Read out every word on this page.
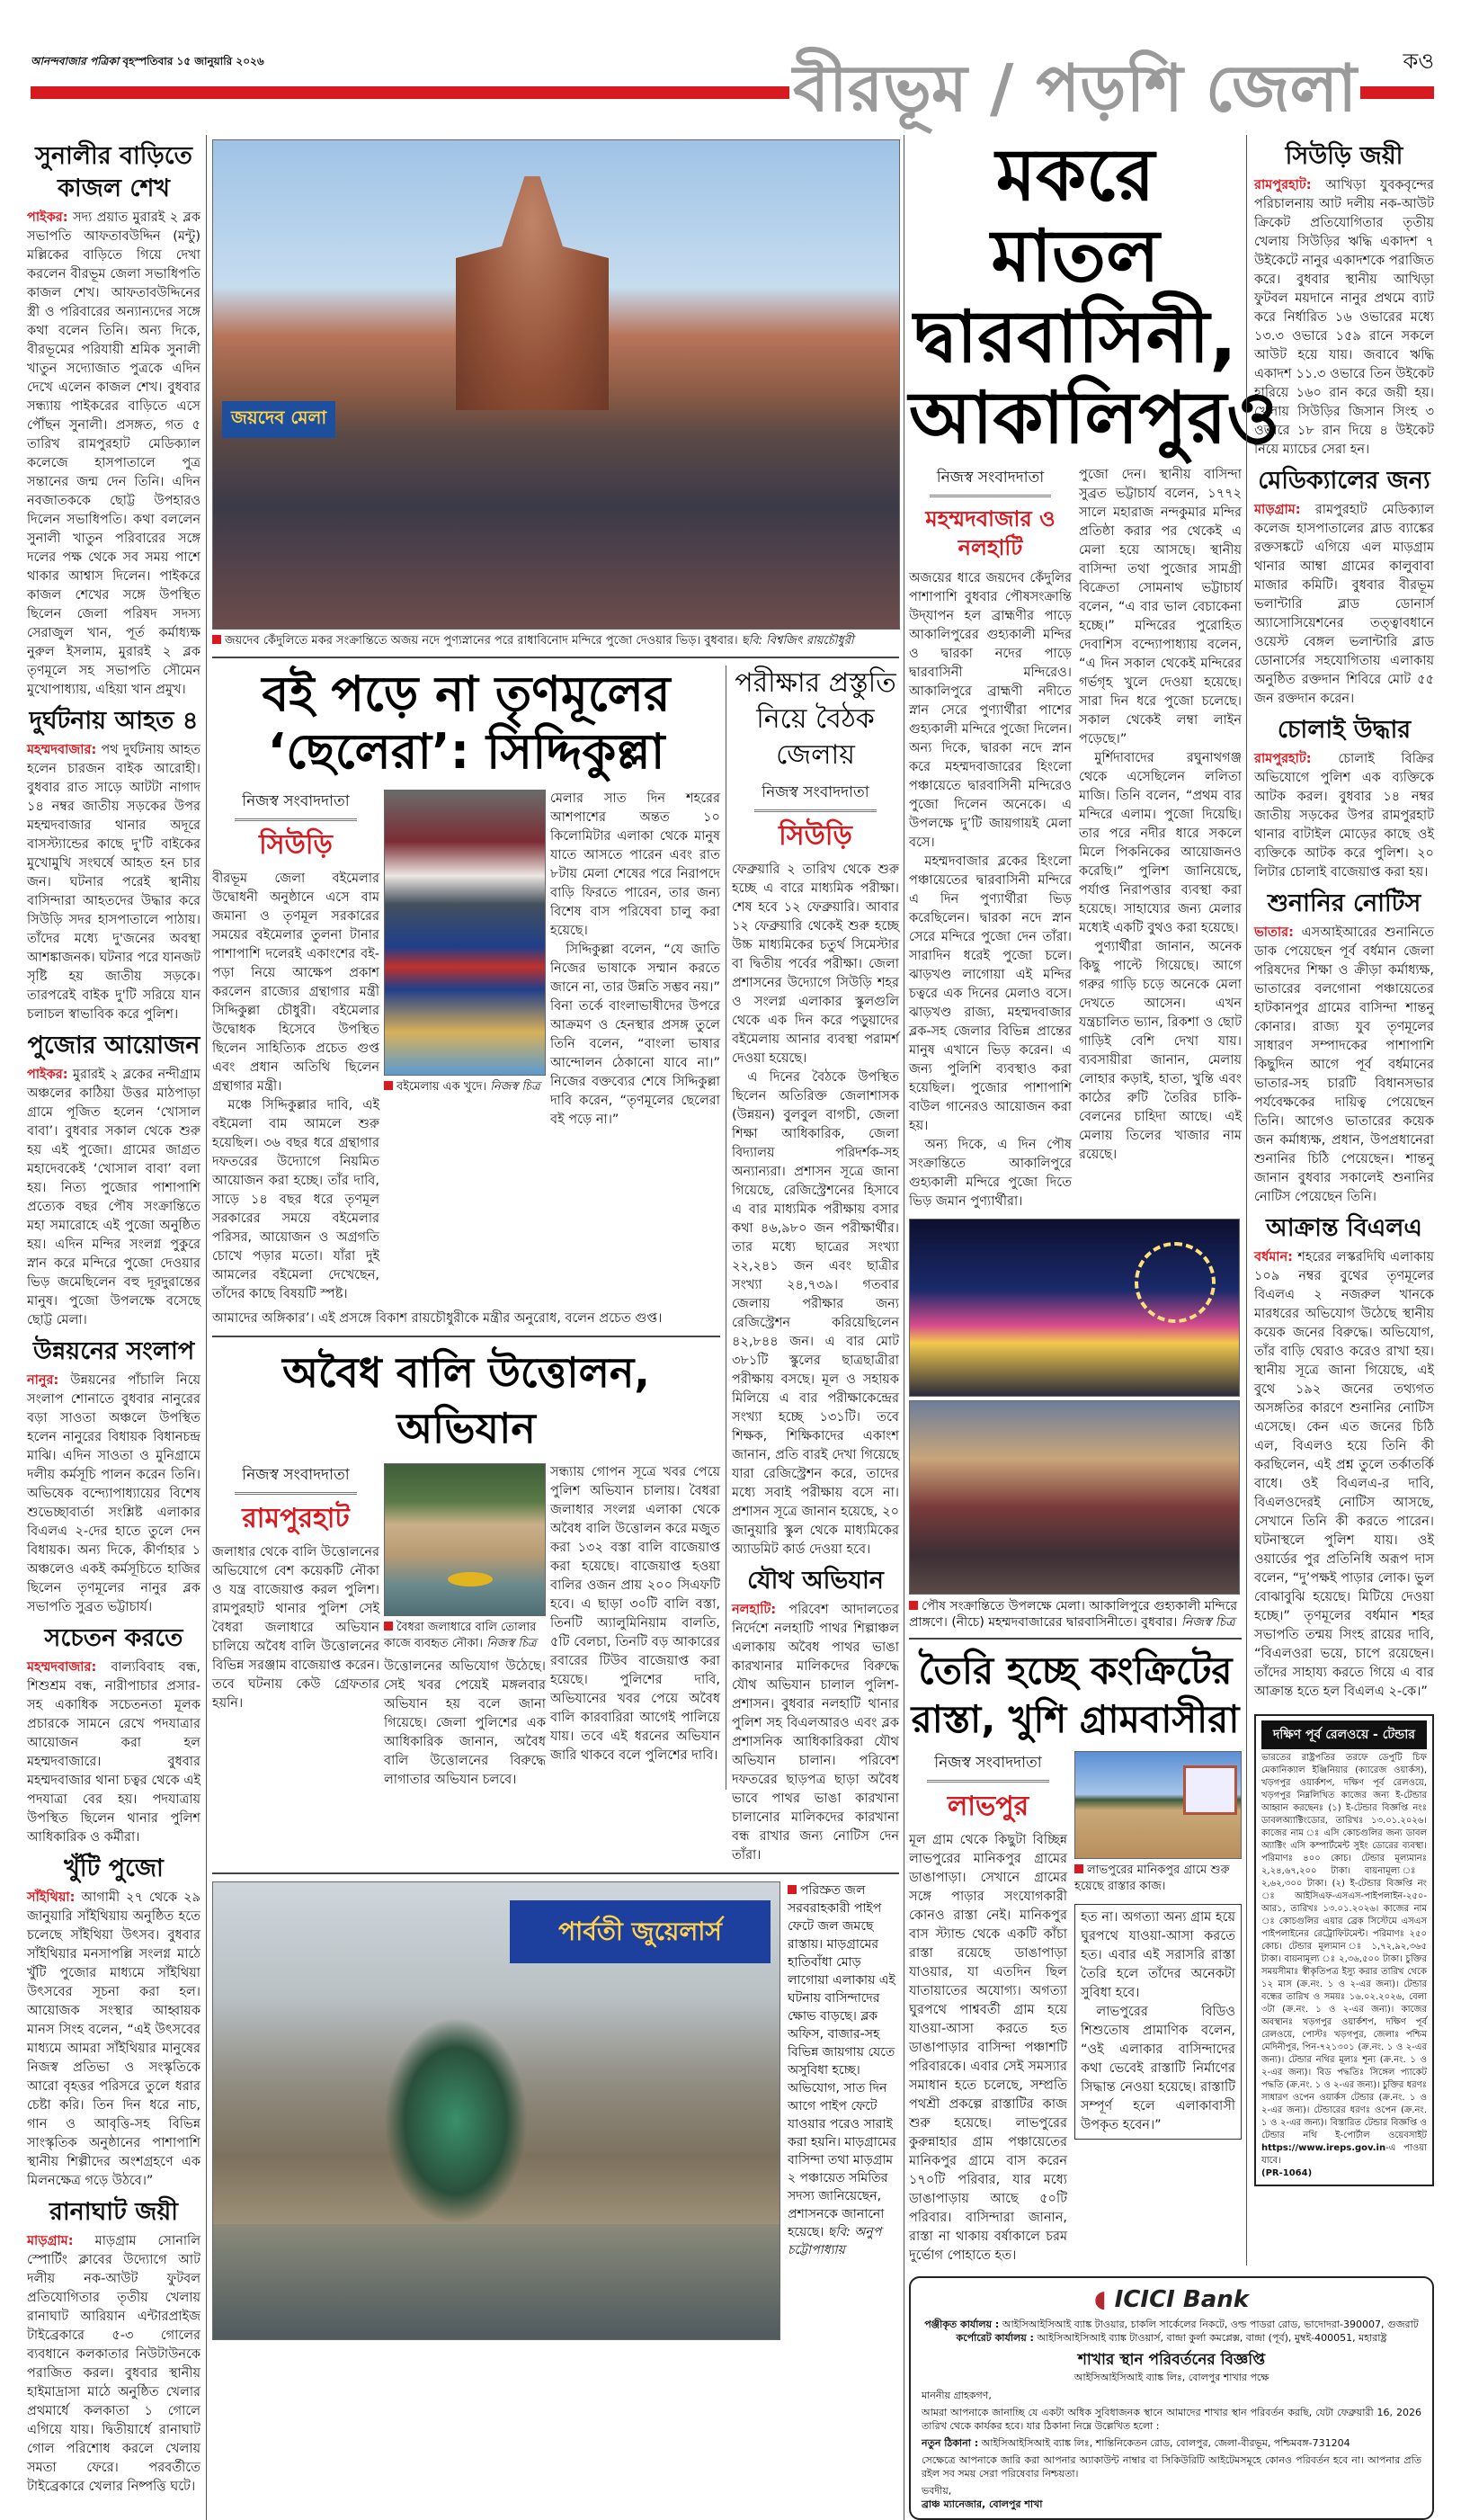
আনন্দবাজার পত্রিকা বৃহস্পতিবার ১৫ জানুয়ারি ২০২৬	বীরভূম / পড়শি জেলা	কও
সুনালীর বাড়িতে কাজল শেখ
পাইকর: সদ্য প্রয়াত মুরারই ২ ব্লক সভাপতি আফতাবউদ্দিন (মন্টু) মল্লিকের বাড়িতে গিয়ে দেখা করলেন বীরভূম জেলা সভাধিপতি কাজল শেখ। আফতাবউদ্দিনের স্ত্রী ও পরিবারের অন্যান্যদের সঙ্গে কথা বলেন তিনি। অন্য দিকে, বীরভূমের পরিযায়ী শ্রমিক সুনালী খাতুন সদ্যোজাত পুত্রকে এদিন দেখে এলেন কাজল শেখ। বুধবার সন্ধ্যায় পাইকরের বাড়িতে এসে পৌঁছন সুনালী। প্রসঙ্গত, গত ৫ তারিখ রামপুরহাট মেডিক্যাল কলেজে হাসপাতালে পুত্র সন্তানের জন্ম দেন তিনি। এদিন নবজাতককে ছোট্ট উপহারও দিলেন সভাধিপতি। কথা বললেন সুনালী খাতুন পরিবারের সঙ্গে দলের পক্ষ থেকে সব সময় পাশে থাকার আশ্বাস দিলেন। পাইকরে কাজল শেখের সঙ্গে উপস্থিত ছিলেন জেলা পরিষদ সদস্য সেরাজুল খান, পূর্ত কর্মাধ্যক্ষ নুরুল ইসলাম, মুরারই ২ ব্লক তৃণমূলে সহ সভাপতি সৌমেন মুখোপাধ্যায়, এহিয়া খান প্রমুখ।
দুর্ঘটনায় আহত ৪
মহম্মদবাজার: পথ দুর্ঘটনায় আহত হলেন চারজন বাইক আরোহী। বুধবার রাত সাড়ে আটটা নাগাদ ১৪ নম্বর জাতীয় সড়কের উপর মহম্মদবাজার থানার অদূরে বাসস্ট্যান্ডের কাছে দু'টি বাইকের মুখোমুখি সংঘর্ষে আহত হন চার জন। ঘটনার পরেই স্থানীয় বাসিন্দারা আহতদের উদ্ধার করে সিউড়ি সদর হাসপাতালে পাঠায়। তাঁদের মধ্যে দু'জনের অবস্থা আশঙ্কাজনক। ঘটনার পরে যানজট সৃষ্টি হয় জাতীয় সড়কে। তারপরেই বাইক দু'টি সরিয়ে যান চলাচল স্বাভাবিক করে পুলিশ।
পুজোর আয়োজন
পাইকর: মুরারই ২ ব্লকের নন্দীগ্রাম অঞ্চলের কাঠিয়া উত্তর মাঠপাড়া গ্রামে পূজিত হলেন ‘খোসাল বাবা’। বুধবার সকাল থেকে শুরু হয় এই পুজো। গ্রামের জাগ্রত মহাদেবকেই ‘খোসাল বাবা’ বলা হয়। নিত্য পুজোর পাশাপাশি প্রত্যেক বছর পৌষ সংক্রান্তিতে মহা সমারোহে এই পুজো অনুষ্ঠিত হয়। এদিন মন্দির সংলগ্ন পুকুরে স্নান করে মন্দিরে পুজো দেওয়ার ভিড় জমেছিলেন বহু দূরদুরান্তের মানুষ। পুজো উপলক্ষে বসেছে ছোট্ট মেলা।
উন্নয়নের সংলাপ
নানুর: উন্নয়নের পাঁচালি নিয়ে সংলাপ শোনাতে বুধবার নানুরের বড়া সাওতা অঞ্চলে উপস্থিত হলেন নানুরের বিধায়ক বিধানচন্দ্র মাঝি। এদিন সাওতা ও মুনিগ্রামে দলীয় কর্মসূচি পালন করেন তিনি। অভিষেক বন্দ্যোপাধ্যায়ের বিশেষ শুভেচ্ছাবার্তা সংশ্লিষ্ট এলাকার বিএলএ ২-দের হাতে তুলে দেন বিধায়ক। অন্য দিকে, কীর্ণাহার ১ অঞ্চলেও একই কর্মসূচিতে হাজির ছিলেন তৃণমূলের নানুর ব্লক সভাপতি সুব্রত ভট্টাচার্য।
সচেতন করতে
মহম্মদবাজার: বাল্যবিবাহ বন্ধ, শিশুশ্রম বন্ধ, নারীপাচার প্রসার-সহ একাধিক সচেতনতা মূলক প্রচারকে সামনে রেখে পদযাত্রার আয়োজন করা হল মহম্মদবাজারে। বুধবার মহম্মদবাজার থানা চত্বর থেকে এই পদযাত্রা বের হয়। পদযাত্রায় উপস্থিত ছিলেন থানার পুলিশ আধিকারিক ও কর্মীরা।
খুঁটি পুজো
সাঁইথিয়া: আগামী ২৭ থেকে ২৯ জানুয়ারি সাঁইথিয়ায় অনুষ্ঠিত হতে চলেছে সাঁইথিয়া উৎসব। বুধবার সাঁইথিয়ার মনসাপল্লি সংলগ্ন মাঠে খুঁটি পুজোর মাধ্যমে সাঁইথিয়া উৎসবের সূচনা করা হল। আয়োজক সংস্থার আহ্বায়ক মানস সিংহ বলেন, “এই উৎসবের মাধ্যমে আমরা সাঁইথিয়ার মানুষের নিজস্ব প্রতিভা ও সংস্কৃতিকে আরো বৃহত্তর পরিসরে তুলে ধরার চেষ্টা করি। তিন দিন ধরে নাচ, গান ও আবৃত্তি-সহ বিভিন্ন সাংস্কৃতিক অনুষ্ঠানের পাশাপাশি স্থানীয় শিল্পীদের অংশগ্রহণে এক মিলনক্ষেত্র গড়ে উঠবে।”
রানাঘাট জয়ী
মাড়গ্রাম: মাড়গ্রাম সোনালি স্পোর্টিং ক্লাবের উদ্যোগে আট দলীয় নক-আউট ফুটবল প্রতিযোগিতার তৃতীয় খেলায় রানাঘাট আরিয়ান এন্টারপ্রাইজ টাইব্রেকারে ৫-৩ গোলের ব্যবধানে কলকাতার নিউটাউনকে পরাজিত করল। বুধবার স্থানীয় হাইমাদ্রাসা মাঠে অনুষ্ঠিত খেলার প্রথমার্ধে কলকাতা ১ গোলে এগিয়ে যায়। দ্বিতীয়ার্ধে রানাঘাট গোল পরিশোধ করলে খেলায় সমতা ফেরে। পরবর্তীতে টাইব্রেকারে খেলার নিষ্পত্তি ঘটে।
জয়দেব মেলা
জয়দেব কেঁদুলিতে মকর সংক্রান্তিতে অজয় নদে পুণ্যস্নানের পরে রাধাবিনোদ মন্দিরে পুজো দেওয়ার ভিড়। বুধবার। ছবি: বিশ্বজিৎ রায়চৌধুরী
বই পড়ে না তৃণমূলের ‘ছেলেরা’: সিদ্দিকুল্লা
নিজস্ব সংবাদদাতা
সিউড়ি

বীরভূম জেলা বইমেলার উদ্বোধনী অনুষ্ঠানে এসে বাম জমানা ও তৃণমূল সরকারের সময়ের বইমেলার তুলনা টানার পাশাপাশি দলেরই একাংশের বই-পড়া নিয়ে আক্ষেপ প্রকাশ করলেন রাজ্যের গ্রন্থাগার মন্ত্রী সিদ্দিকুল্লা চৌধুরী। বইমেলার উদ্বোধক হিসেবে উপস্থিত ছিলেন সাহিত্যিক প্রচেত গুপ্ত এবং প্রধান অতিথি ছিলেন গ্রন্থাগার মন্ত্রী।

মঞ্চে সিদ্দিকুল্লার দাবি, এই বইমেলা বাম আমলে শুরু হয়েছিল। ৩৬ বছর ধরে গ্রন্থাগার দফতরের উদ্যোগে নিয়মিত আয়োজন করা হচ্ছে। তাঁর দাবি, সাড়ে ১৪ বছর ধরে তৃণমূল সরকারের সময়ে বইমেলার পরিসর, আয়োজন ও অগ্রগতি চোখে পড়ার মতো। যাঁরা দুই আমলের বইমেলা দেখেছেন, তাঁদের কাছে বিষয়টি স্পষ্ট।

বইমেলায় এক খুদে। নিজস্ব চিত্র

মেলার সাত দিন শহরের আশপাশের অন্তত ১০ কিলোমিটার এলাকা থেকে মানুষ যাতে আসতে পারেন এবং রাত ৮টায় মেলা শেষের পরে নিরাপদে বাড়ি ফিরতে পারেন, তার জন্য বিশেষ বাস পরিষেবা চালু করা হয়েছে।

সিদ্দিকুল্লা বলেন, “যে জাতি নিজের ভাষাকে সম্মান করতে জানে না, তার উন্নতি সম্ভব নয়।” বিনা তর্কে বাংলাভাষীদের উপরে আক্রমণ ও হেনস্থার প্রসঙ্গ তুলে তিনি বলেন, “বাংলা ভাষার আন্দোলন ঠেকানো যাবে না।” নিজের বক্তব্যের শেষে সিদ্দিকুল্লা দাবি করেন, “তৃণমূলের ছেলেরা বই পড়ে না।”

আমাদের অঙ্গিকার’। এই প্রসঙ্গে বিকাশ রায়চৌধুরীকে মন্ত্রীর অনুরোধ, বলেন প্রচেত গুপ্ত।
অবৈধ বালি উত্তোলন, অভিযান
নিজস্ব সংবাদদাতা
রামপুরহাট
জলাধার থেকে বালি উত্তোলনের অভিযোগে বেশ কয়েকটি নৌকা ও যন্ত্র বাজেয়াপ্ত করল পুলিশ। রামপুরহাট থানার পুলিশ সেই বৈধরা জলাধারে অভিযান চালিয়ে অবৈধ বালি উত্তোলনের বিভিন্ন সরঞ্জাম বাজেয়াপ্ত করেন। তবে ঘটনায় কেউ গ্রেফতার হয়নি।
বৈধরা জলাধারে বালি তোলার কাজে ব্যবহৃত নৌকা। নিজস্ব চিত্র
উত্তোলনের অভিযোগ উঠেছে। সেই খবর পেয়েই মঙ্গলবার অভিযান হয় বলে জানা গিয়েছে। জেলা পুলিশের এক আধিকারিক জানান, অবৈধ বালি উত্তোলনের বিরুদ্ধে লাগাতার অভিযান চলবে।
সন্ধ্যায় গোপন সূত্রে খবর পেয়ে পুলিশ অভিযান চালায়। বৈধরা জলাধার সংলগ্ন এলাকা থেকে অবৈধ বালি উত্তোলন করে মজুত করা ১৩২ বস্তা বালি বাজেয়াপ্ত করা হয়েছে। বাজেয়াপ্ত হওয়া বালির ওজন প্রায় ২০০ সিএফটি হবে। এ ছাড়া ৩০টি বালি বস্তা, তিনটি অ্যালুমিনিয়াম বালতি, ৫টি বেলচা, তিনটি বড় আকারের রবারের টিউব বাজেয়াপ্ত করা হয়েছে। পুলিশের দাবি, অভিযানের খবর পেয়ে অবৈধ বালি কারবারিরা আগেই পালিয়ে যায়। তবে এই ধরনের অভিযান জারি থাকবে বলে পুলিশের দাবি।
পরীক্ষার প্রস্তুতি নিয়ে বৈঠক জেলায়
নিজস্ব সংবাদদাতা
সিউড়ি

ফেব্রুয়ারি ২ তারিখ থেকে শুরু হচ্ছে এ বারে মাধ্যমিক পরীক্ষা। শেষ হবে ১২ ফেব্রুয়ারি। আবার ১২ ফেব্রুয়ারি থেকেই শুরু হচ্ছে উচ্চ মাধ্যমিকের চতুর্থ সিমেস্টার বা দ্বিতীয় পর্বের পরীক্ষা। জেলা প্রশাসনের উদ্যোগে সিউড়ি শহর ও সংলগ্ন এলাকার স্কুলগুলি থেকে এক দিন করে পড়ুয়াদের বইমেলায় আনার ব্যবস্থা পরামর্শ দেওয়া হয়েছে।

এ দিনের বৈঠকে উপস্থিত ছিলেন অতিরিক্ত জেলাশাসক (উন্নয়ন) বুলবুল বাগচী, জেলা শিক্ষা আধিকারিক, জেলা বিদ্যালয় পরিদর্শক-সহ অন্যান্যরা। প্রশাসন সূত্রে জানা গিয়েছে, রেজিস্ট্রেশনের হিসাবে এ বার মাধ্যমিক পরীক্ষায় বসার কথা ৪৬,৯৮০ জন পরীক্ষার্থীর। তার মধ্যে ছাত্রের সংখ্যা ২২,২৪১ জন এবং ছাত্রীর সংখ্যা ২৪,৭৩৯। গতবার জেলায় পরীক্ষার জন্য রেজিস্ট্রেশন করিয়েছিলেন ৪২,৮৪৪ জন। এ বার মোট ৩৮১টি স্কুলের ছাত্রছাত্রীরা পরীক্ষায় বসছে। মূল ও সহায়ক মিলিয়ে এ বার পরীক্ষাকেন্দ্রের সংখ্যা হচ্ছে ১৩১টি। তবে শিক্ষক, শিক্ষিকাদের একাংশ জানান, প্রতি বারই দেখা গিয়েছে যারা রেজিস্ট্রেশন করে, তাদের মধ্যে সবাই পরীক্ষায় বসে না। প্রশাসন সূত্রে জানান হয়েছে, ২০ জানুয়ারি স্কুল থেকে মাধ্যমিকের অ্যাডমিট কার্ড দেওয়া হবে।

যৌথ অভিযান
নলহাটি: পরিবেশ আদালতের নির্দেশে নলহাটি পাথর শিল্পাঞ্চল এলাকায় অবৈধ পাথর ভাঙা কারখানার মালিকদের বিরুদ্ধে যৌথ অভিযান চালাল পুলিশ-প্রশাসন। বুধবার নলহাটি থানার পুলিশ সহ বিএলআরও এবং ব্লক প্রশাসনিক আধিকারিকরা যৌথ অভিযান চালান। পরিবেশ দফতরের ছাড়পত্র ছাড়া অবৈধ ভাবে পাথর ভাঙা কারখানা চালানোর মালিকদের কারখানা বন্ধ রাখার জন্য নোটিস দেন তাঁরা।
পার্বতী জুয়েলার্স
পরিস্রুত জল সরবরাহকারী পাইপ ফেটে জল জমছে রাস্তায়। মাড়গ্রামের হাতিবাঁধা মোড় লাগোয়া এলাকায় এই ঘটনায় বাসিন্দাদের ক্ষোভ বাড়ছে। ব্লক অফিস, বাজার-সহ বিভিন্ন জায়গায় যেতে অসুবিধা হচ্ছে। অভিযোগ, সাত দিন আগে পাইপ ফেটে যাওয়ার পরেও সারাই করা হয়নি। মাড়গ্রামের বাসিন্দা তথা মাড়গ্রাম ২ পঞ্চায়েত সমিতির সদস্য জানিয়েছেন, প্রশাসনকে জানানো হয়েছে। ছবি: অনুপ চট্টোপাধ্যায়
মকরে মাতল দ্বারবাসিনী, আকালিপুরও
নিজস্ব সংবাদদাতা
মহম্মদবাজার ও নলহাটি

অজয়ের ধারে জয়দেব কেঁদুলির পাশাপাশি বুধবার পৌষসংক্রান্তি উদ্‌যাপন হল ব্রাহ্মণীর পাড়ে আকালিপুরের গুহ্যকালী মন্দির ও দ্বারকা নদের পাড়ে দ্বারবাসিনী মন্দিরেও। আকালিপুরে ব্রাহ্মণী নদীতে স্নান সেরে পুণ্যার্থীরা পাশের গুহ্যকালী মন্দিরে পুজো দিলেন। অন্য দিকে, দ্বারকা নদে স্নান করে মহম্মদবাজারের হিংলো পঞ্চায়েতে দ্বারবাসিনী মন্দিরেও পুজো দিলেন অনেকে। এ উপলক্ষে দু’টি জায়গায়ই মেলা বসে।

মহম্মদবাজার ব্লকের হিংলো পঞ্চায়েতের দ্বারবাসিনী মন্দিরে এ দিন পুণ্যার্থীরা ভিড় করেছিলেন। দ্বারকা নদে স্নান সেরে মন্দিরে পুজো দেন তাঁরা। সারাদিন ধরেই পুজো চলে। ঝাড়খণ্ড লাগোয়া এই মন্দির চত্বরে এক দিনের মেলাও বসে। ঝাড়খণ্ড রাজ্য, মহম্মদবাজার ব্লক-সহ জেলার বিভিন্ন প্রান্তের মানুষ এখানে ভিড় করেন। এ জন্য পুলিশি ব্যবস্থাও করা হয়েছিল। পুজোর পাশাপাশি বাউল গানেরও আয়োজন করা হয়।

অন্য দিকে, এ দিন পৌষ সংক্রান্তিতে আকালিপুরে গুহ্যকালী মন্দিরে পুজো দিতে ভিড় জমান পুণ্যার্থীরা।

পুজো দেন। স্থানীয় বাসিন্দা সুব্রত ভট্টাচার্য বলেন, ১৭৭২ সালে মহারাজ নন্দকুমার মন্দির প্রতিষ্ঠা করার পর থেকেই এ মেলা হয়ে আসছে। স্থানীয় বাসিন্দা তথা পুজোর সামগ্রী বিক্রেতা সোমনাথ ভট্টাচার্য বলেন, “এ বার ভাল বেচাকেনা হচ্ছে।” মন্দিরের পুরোহিত দেবাশিস বন্দ্যোপাধ্যায় বলেন, “এ দিন সকাল থেকেই মন্দিরের গর্ভগৃহ খুলে দেওয়া হয়েছে। সারা দিন ধরে পুজো চলেছে। সকাল থেকেই লম্বা লাইন পড়েছে।”

মুর্শিদাবাদের রঘুনাথগঞ্জ থেকে এসেছিলেন ললিতা মাজি। তিনি বলেন, “প্রথম বার মন্দিরে এলাম। পুজো দিয়েছি। তার পরে নদীর ধারে সকলে মিলে পিকনিকের আয়োজনও করেছি।” পুলিশ জানিয়েছে, পর্যাপ্ত নিরাপত্তার ব্যবস্থা করা হয়েছে। সাহায্যের জন্য মেলার মধ্যেই একটি বুথও করা হয়েছে।

পুণ্যার্থীরা জানান, অনেক কিছু পাল্টে গিয়েছে। আগে গরুর গাড়ি চড়ে অনেকে মেলা দেখতে আসেন। এখন যন্ত্রচালিত ভ্যান, রিকশা ও ছোট গাড়িই বেশি দেখা যায়। ব্যবসায়ীরা জানান, মেলায় লোহার কড়াই, হাতা, খুন্তি এবং কাঠের রুটি তৈরির চাকি-বেলনের চাহিদা আছে। এই মেলায় তিলের খাজার নাম রয়েছে।

পৌষ সংক্রান্তিতে উপলক্ষে মেলা। আকালিপুরে গুহ্যকালী মন্দিরে প্রাঙ্গণে। (নীচে) মহম্মদবাজারের দ্বারবাসিনীতে। বুধবার। নিজস্ব চিত্র
তৈরি হচ্ছে কংক্রিটের রাস্তা, খুশি গ্রামবাসীরা
নিজস্ব সংবাদদাতা
লাভপুর
মূল গ্রাম থেকে কিছুটা বিচ্ছিন্ন লাভপুরের মানিকপুর গ্রামের ডাঙাপাড়া। সেখানে গ্রামের সঙ্গে পাড়ার সংযোগকারী কোনও রাস্তা নেই। মানিকপুর বাস স্ট্যান্ড থেকে একটি কাঁচা রাস্তা রয়েছে ডাঙাপাড়া যাওয়ার, যা এতদিন ছিল যাতায়াতের অযোগ্য। অগত্যা ঘুরপথে পাশ্ববর্তী গ্রাম হয়ে যাওয়া-আসা করতে হত ডাঙাপাড়ার বাসিন্দা পঞ্চাশটি পরিবারকে। এবার সেই সমস্যার সমাধান হতে চলেছে, সম্প্রতি পথশ্রী প্রকল্পে রাস্তাটির কাজ শুরু হয়েছে। লাভপুরের কুরুন্নাহার গ্রাম পঞ্চায়েতের মানিকপুর গ্রামে বাস করেন ১৭০টি পরিবার, যার মধ্যে ডাঙাপাড়ায় আছে ৫০টি পরিবার। বাসিন্দারা জানান, রাস্তা না থাকায় বর্ষাকালে চরম দুর্ভোগ পোহাতে হত।
লাভপুরের মানিকপুর গ্রামে শুরু হয়েছে রাস্তার কাজ।
হত না। অগত্যা অন্য গ্রাম হয়ে ঘুরপথে যাওয়া-আসা করতে হত। এবার এই সরাসরি রাস্তা তৈরি হলে তাঁদের অনেকটা সুবিধা হবে।
লাভপুরের বিডিও শিশুতোষ প্রামাণিক বলেন, “ওই এলাকার বাসিন্দাদের কথা ভেবেই রাস্তাটি নির্মাণের সিদ্ধান্ত নেওয়া হয়েছে। রাস্তাটি সম্পূর্ণ হলে এলাকাবাসী উপকৃত হবেন।”
সিউড়ি জয়ী
রামপুরহাট: আখিড়া যুবকবৃন্দের পরিচালনায় আট দলীয় নক-আউট ক্রিকেট প্রতিযোগিতার তৃতীয় খেলায় সিউড়ির ঋদ্ধি একাদশ ৭ উইকেটে নানুর একাদশকে পরাজিত করে। বুধবার স্থানীয় আখিড়া ফুটবল ময়দানে নানুর প্রথমে ব্যাট করে নির্ধারিত ১৬ ওভারের মধ্যে ১৩.৩ ওভারে ১৫৯ রানে সকলে আউট হয়ে যায়। জবাবে ঋদ্ধি একাদশ ১১.৩ ওভারে তিন উইকেট হারিয়ে ১৬০ রান করে জয়ী হয়। খেলায় সিউড়ির জিসান সিংহ ৩ ওভারে ১৮ রান দিয়ে ৪ উইকেট নিয়ে ম্যাচের সেরা হন।
মেডিক্যালের জন্য
মাড়গ্রাম: রামপুরহাট মেডিক্যাল কলেজ হাসপাতালের ব্লাড ব্যাঙ্কের রক্তসঙ্কটে এগিয়ে এল মাড়গ্রাম থানার আম্বা গ্রামের কালুবাবা মাজার কমিটি। বুধবার বীরভূম ভলান্টারি ব্লাড ডোনার্স অ্যাসোসিয়েশনের তত্ত্বাবধানে ওয়েস্ট বেঙ্গল ভলান্টারি ব্লাড ডোনার্সের সহযোগিতায় এলাকায় অনুষ্ঠিত রক্তদান শিবিরে মোট ৫৫ জন রক্তদান করেন।
চোলাই উদ্ধার
রামপুরহাট: চোলাই বিক্রির অভিযোগে পুলিশ এক ব্যক্তিকে আটক করল। বুধবার ১৪ নম্বর জাতীয় সড়কের উপর রামপুরহাট থানার বাটাইল মোড়ের কাছে ওই ব্যক্তিকে আটক করে পুলিশ। ২০ লিটার চোলাই বাজেয়াপ্ত করা হয়।
শুনানির নোটিস
ভাতার: এসআইআরের শুনানিতে ডাক পেয়েছেন পূর্ব বর্ধমান জেলা পরিষদের শিক্ষা ও ক্রীড়া কর্মাধ্যক্ষ, ভাতারের বলগোনা পঞ্চায়েতের হাটকানপুর গ্রামের বাসিন্দা শান্তনু কোনার। রাজ্য যুব তৃণমূলের সাধারণ সম্পাদকের পাশাপাশি কিছুদিন আগে পূর্ব বর্ধমানের ভাতার-সহ চারটি বিধানসভার পর্যবেক্ষকের দায়িত্ব পেয়েছেন তিনি। আগেও ভাতারের কয়েক জন কর্মাধ্যক্ষ, প্রধান, উপপ্রধানেরা শুনানির চিঠি পেয়েছেন। শান্তনু জানান বুধবার সকালেই শুনানির নোটিস পেয়েছেন তিনি।
আক্রান্ত বিএলএ
বর্ধমান: শহরের লস্করদিঘি এলাকায় ১০৯ নম্বর বুথের তৃণমূলের বিএলএ ২ নজরুল খানকে মারধরের অভিযোগ উঠেছে স্থানীয় কয়েক জনের বিরুদ্ধে। অভিযোগ, তাঁর বাড়ি ঘেরাও করেও রাখা হয়। স্থানীয় সূত্রে জানা গিয়েছে, এই বুথে ১৯২ জনের তথ্যগত অসঙ্গতির কারণে শুনানির নোটিস এসেছে। কেন এত জনের চিঠি এল, বিএলও হয়ে তিনি কী করছিলেন, এই প্রশ্ন তুলে তর্কাতর্কি বাধে। ওই বিএলএ-র দাবি, বিএলওদেরই নোটিস আসছে, সেখানে তিনি কী করতে পারেন। ঘটনাস্থলে পুলিশ যায়। ওই ওয়ার্ডের পুর প্রতিনিধি অরূপ দাস বলেন, “দু’পক্ষই পাড়ার লোক। ভুল বোঝাবুঝি হয়েছে। মিটিয়ে দেওয়া হচ্ছে।” তৃণমূলের বর্ধমান শহর সভাপতি তন্ময় সিংহ রায়ের দাবি, “বিএলওরা ভয়ে, চাপে রয়েছেন। তাঁদের সাহায্য করতে গিয়ে এ বার আক্রান্ত হতে হল বিএলএ ২-কে।”
দক্ষিণ পূর্ব রেলওয়ে - টেন্ডার
ভারতের রাষ্ট্রপতির তরফে ডেপুটি চিফ মেকানিক্যাল ইঞ্জিনিয়ার (ক্যারেজ ওয়ার্কস), খড়গপুর ওয়ার্কশপ, দক্ষিণ পূর্ব রেলওয়ে, খড়গপুর নিম্নলিখিত কাজের জন্য ই-টেন্ডার আহ্বান করছেনঃ (১) ই-টেন্ডার বিজ্ঞপ্তি নংঃ ডাবলঅ্যাক্টিংডোর, তারিখঃ ১৩.০১.২০২৬। কাজের নাম ঃ এসি কোচগুলির জন্য ডাবল অ্যাক্টিং এসি কম্পার্টমেন্ট সুইং ডোরের ব্যবস্থা। পরিমাণঃ ৪০০ কোচ। টেন্ডার মূল্যমানঃ ২,২৪,৬৭,২০০ টাকা। বায়নামূল্য ঃ ২,৬২,৩০০ টাকা। (২) ই-টেন্ডার বিজ্ঞপ্তি নং ঃ আইসিএফ-এসএস-পাইপলাইন-২৫০-আর১, তারিখঃ ১৩.০১.২০২৬। কাজের নাম ঃ কোচগুলির এয়ার ব্রেক সিস্টেমে এসএস পাইপলাইনের রেট্রোফিটমেন্ট। পরিমাণঃ ২৫০ কোচ। টেন্ডার মূল্যমান ঃ ১,৭২,৯২,৩৬৫ টাকা। বায়নামূল্য ঃ ২,৩৬,৫০০ টাকা। চুক্তির সময়সীমাঃ স্বীকৃতিপত্র ইস্যু করার তারিখ থেকে ১২ মাস (ক্র.নং. ১ ও ২-এর জন্য)। টেন্ডার বন্ধের তারিখ ও সময়ঃ ১৬.০২.২০২৬, বেলা ৩টা (ক্র.নং. ১ ও ২-এর জন্য)। কাজের অবস্থানঃ খড়গপুর ওয়ার্কশপ, দক্ষিণ পূর্ব রেলওয়ে, পোস্টঃ খড়গপুর, জেলাঃ পশ্চিম মেদিনীপুর, পিন-৭২১৩০১ (ক্র.নং. ১ ও ২-এর জন্য)। টেন্ডার নথির মূল্যঃ শূন্য (ক্র.নং. ১ ও ২-এর জন্য)। বিড পদ্ধতিঃ সিঙ্গেল প্যাকেট পদ্ধতি (ক্র.নং. ১ ও ২-এর জন্য)। চুক্তির ধরণঃ সাধারণ ওপেন ওয়ার্কস টেন্ডার (ক্র.নং. ১ ও ২-এর জন্য)। টেন্ডারের ধরণঃ ওপেন (ক্র.নং. ১ ও ২-এর জন্য)। বিস্তারিত টেন্ডার বিজ্ঞপ্তি ও টেন্ডার নথি ই-পোর্টাল ওয়েবসাইট https://www.ireps.gov.in-এ পাওয়া যাবে।
(PR-1064)
◖ ICICI Bank
পঞ্জীকৃত কার্যালয় : আইসিআইসিআই ব্যাঙ্ক টাওয়ার, চাকলি সার্কেলের নিকটে, ওল্ড পাডরা রোড, ভাদোদরা-390007, গুজরাট
কর্পোরেট কার্যালয় : আইসিআইসিআই ব্যাঙ্ক টাওয়ার্স, বান্দ্রা কুর্লা কমপ্লেক্স, বান্দ্রা (পূর্ব), মুম্বই-400051, মহারাষ্ট্র
শাখার স্থান পরিবর্তনের বিজ্ঞপ্তি
আইসিআইসিআই ব্যাঙ্ক লিঃ, বোলপুর শাখার পক্ষে
মাননীয় গ্রাহকগণ,
আমরা আপনাকে জানাচ্ছি যে একটা অধিক সুবিধাজনক স্থানে আমাদের শাখার স্থান পরিবর্তন করছি, যেটা ফেব্রুয়ারী 16, 2026 তারিখ থেকে কার্যকর হবে। যার ঠিকানা নিম্নে উল্লেখিত হলো :
নতুন ঠিকানা : আইসিআইসিআই ব্যাঙ্ক লিঃ, শান্তিনিকেতন রোড, বোলপুর, জেলা-বীরভূম, পশ্চিমবঙ্গ-731204
সেক্ষেত্রে আপনাকে জারি করা আপনার অ্যাকাউন্ট নাম্বার বা সিকিউরিটি আইটেমসমূহে কোনও পরিবর্তন হবে না। আপনার প্রতি রইল সব সময় সেরা পরিষেবার নিশ্চয়তা।
ভবদীয়,
ব্রাঞ্চ ম্যানেজার, বোলপুর শাখা
